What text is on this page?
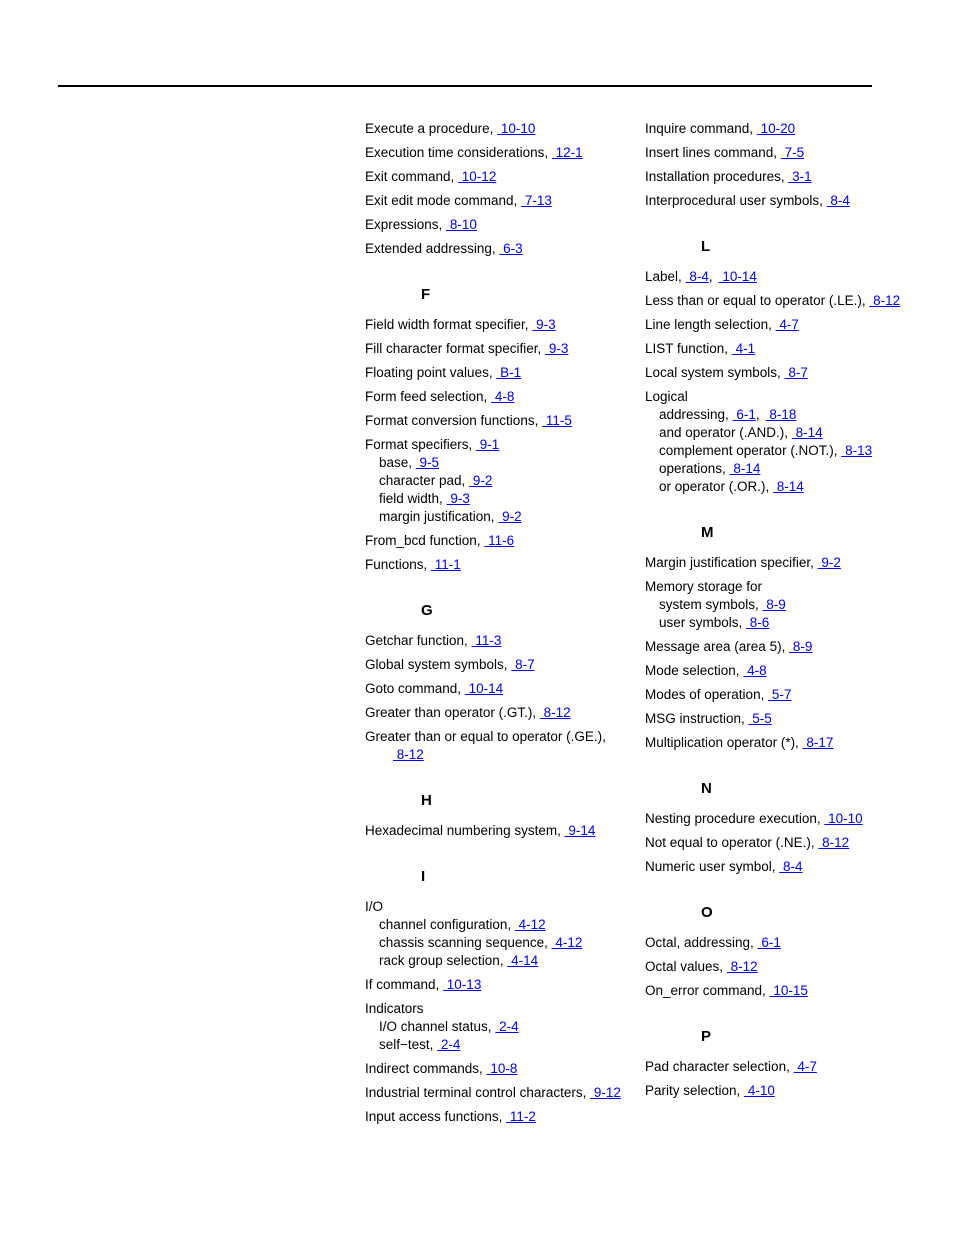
Execute a procedure,  10-10
Execution time considerations,  12-1
Exit command,  10-12
Exit edit mode command,  7-13
Expressions,  8-10
Extended addressing,  6-3
F
Field width format specifier,  9-3
Fill character format specifier,  9-3
Floating point values,  B-1
Form feed selection,  4-8
Format conversion functions,  11-5
Format specifiers,  9-1
base,  9-5
character pad,  9-2
field width,  9-3
margin justification,  9-2
From_bcd function,  11-6
Functions,  11-1
G
Getchar function,  11-3
Global system symbols,  8-7
Goto command,  10-14
Greater than operator (.GT.),  8-12
Greater than or equal to operator (.GE.),
8-12
H
Hexadecimal numbering system,  9-14
I
I/O
channel configuration,  4-12
chassis scanning sequence,  4-12
rack group selection,  4-14
If command,  10-13
Indicators
I/O channel status,  2-4
self−test,  2-4
Indirect commands,  10-8
Industrial terminal control characters,  9-12
Input access functions,  11-2
Inquire command,  10-20
Insert lines command,  7-5
Installation procedures,  3-1
Interprocedural user symbols,  8-4
L
Label,  8-4,  10-14
Less than or equal to operator (.LE.),  8-12
Line length selection,  4-7
LIST function,  4-1
Local system symbols,  8-7
Logical
addressing,  6-1,  8-18
and operator (.AND.),  8-14
complement operator (.NOT.),  8-13
operations,  8-14
or operator (.OR.),  8-14
M
Margin justification specifier,  9-2
Memory storage for
system symbols,  8-9
user symbols,  8-6
Message area (area 5),  8-9
Mode selection,  4-8
Modes of operation,  5-7
MSG instruction,  5-5
Multiplication operator (*),  8-17
N
Nesting procedure execution,  10-10
Not equal to operator (.NE.),  8-12
Numeric user symbol,  8-4
O
Octal, addressing,  6-1
Octal values,  8-12
On_error command,  10-15
P
Pad character selection,  4-7
Parity selection,  4-10
